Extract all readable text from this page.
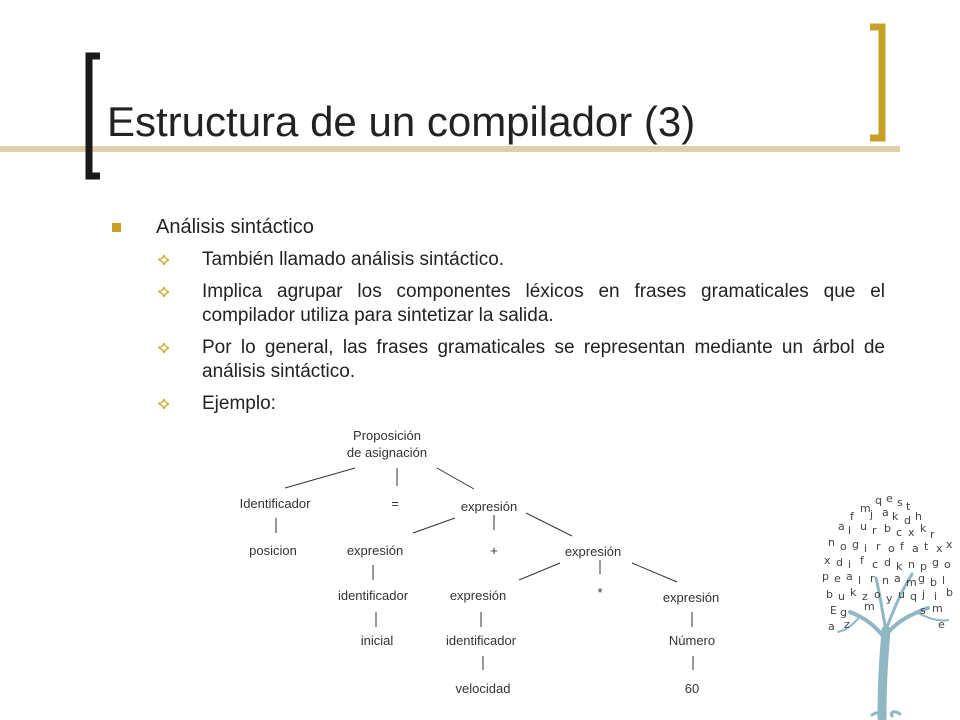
Estructura de un compilador (3)
Análisis sintáctico
También llamado análisis sintáctico.
Implica agrupar los componentes léxicos en frases gramaticales que el compilador utiliza para sintetizar la salida.
Por lo general, las frases gramaticales se representan mediante un árbol de análisis sintáctico.
Ejemplo:
Proposición
de asignación
Identificador	=	expresión
posicion	expresión	+	expresión
identificador	expresión	*	expresión
inicial	identificador	Número
velocidad	60
q e s t
m
f j a k d h
a l u r b c x k r
n o g i r o f a t x x
x d i f c d k n p g o
p e a l r n a m g b l
b u k z o y u q j i b
E g m	s m
a z	e
